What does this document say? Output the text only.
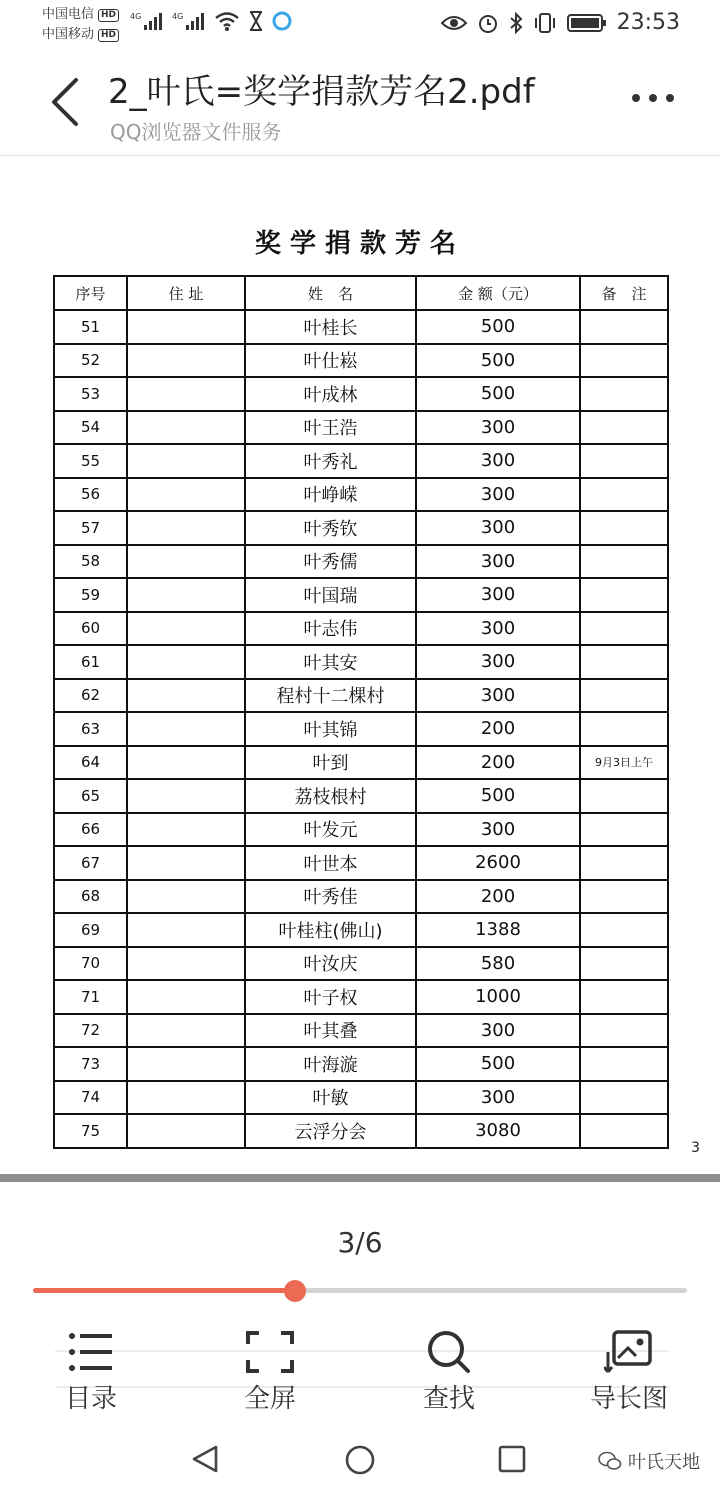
中国电信 HD
中国移动 HD
4G	4G	23:53
2_叶氏=奖学捐款芳名2.pdf
QQ浏览器文件服务
奖学捐款芳名
序号	住 址	姓　名	金 额（元）	备　注
51		叶桂长	500	
52		叶仕崧	500	
53		叶成林	500	
54		叶王浩	300	
55		叶秀礼	300	
56		叶峥嵘	300	
57		叶秀钦	300	
58		叶秀儒	300	
59		叶国瑞	300	
60		叶志伟	300	
61		叶其安	300	
62		程村十二棵村	300	
63		叶其锦	200	
64		叶到	200	9月3日上午
65		荔枝根村	500	
66		叶发元	300	
67		叶世本	2600	
68		叶秀佳	200	
69		叶桂柱(佛山)	1388	
70		叶汝庆	580	
71		叶子权	1000	
72		叶其叠	300	
73		叶海漩	500	
74		叶敏	300	
75		云浮分会	3080	
3
3/6
目录	全屏	查找	导长图
叶氏天地
